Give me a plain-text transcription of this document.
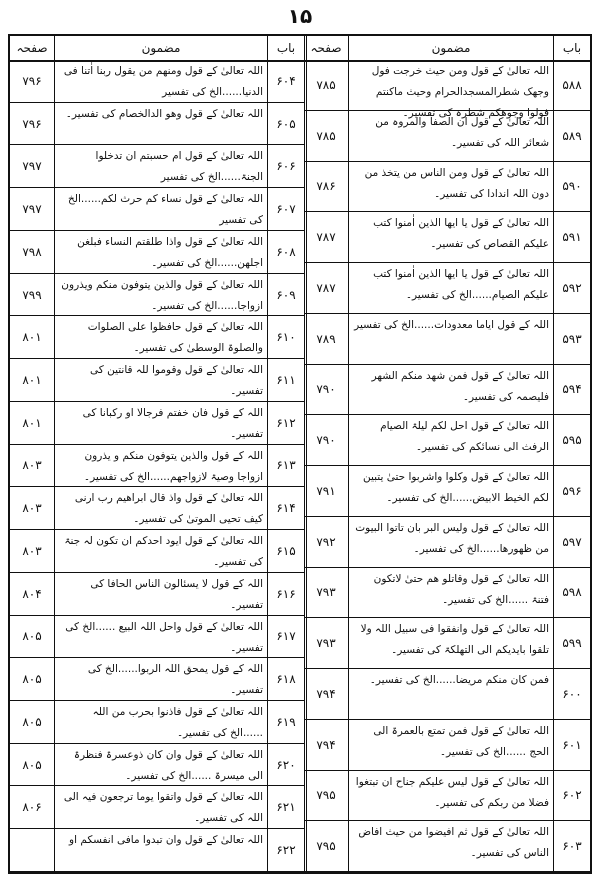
۱۵
باب
مضمون
صفحہ
۵۸۸
اللہ تعالیٰ کے قول ومن حیث خرجت فول وجھک شطرالمسجدالحرام وحیث ماکنتم فولوا وجوھکم شطرہ کی تفسیر۔
۷۸۵
۵۸۹
اللہ تعالیٰ کے قول ان الصفا والمروہ من شعائر اللہ کی تفسیر۔
۷۸۵
۵۹۰
اللہ تعالیٰ کے قول ومن الناس من یتخذ من دون اللہ اندادا کی تفسیر۔
۷۸۶
۵۹۱
اللہ تعالیٰ کے قول یا ایھا الذین اٰمنوا کتب علیکم القصاص کی تفسیر۔
۷۸۷
۵۹۲
اللہ تعالیٰ کے قول یا ایھا الذین اٰمنوا کتب علیکم الصیام......الخ کی تفسیر۔
۷۸۷
۵۹۳
اللہ کے قول ایاما معدودات......الخ کی تفسیر
۷۸۹
۵۹۴
اللہ تعالیٰ کے قول فمن شھد منکم الشھر فلیصمہ کی تفسیر۔
۷۹۰
۵۹۵
اللہ تعالیٰ کے قول احل لکم لیلۃ الصیام الرفث الی نسائکم کی تفسیر۔
۷۹۰
۵۹۶
اللہ تعالیٰ کے قول وکلوا واشربوا حتیٰ یتبین لکم الخیط الابیض......الخ کی تفسیر۔
۷۹۱
۵۹۷
اللہ تعالیٰ کے قول ولیس البر بان تاتوا البیوت من ظھورھا......الخ کی تفسیر۔
۷۹۲
۵۹۸
اللہ تعالیٰ کے قول وقاتلو ھم حتیٰ لاتکون فتنۃ ......الخ کی تفسیر۔
۷۹۳
۵۹۹
اللہ تعالیٰ کے قول وانفقوا فی سبیل اللہ ولا تلقوا بایدیکم الی التھلکۃ کی تفسیر۔
۷۹۳
۶۰۰
فمن کان منکم مریضا......الخ کی تفسیر۔
۷۹۴
۶۰۱
اللہ تعالیٰ کے قول فمن تمتع بالعمرۃ الی الحج ......الخ کی تفسیر۔
۷۹۴
۶۰۲
اللہ تعالیٰ کے قول لیس علیکم جناح ان تبتغوا فضلا من ربکم کی تفسیر۔
۷۹۵
۶۰۳
اللہ تعالیٰ کے قول ثم افیضوا من حیث افاض الناس کی تفسیر۔
۷۹۵
باب
مضمون
صفحہ
۶۰۴
اللہ تعالیٰ کے قول ومنھم من یقول ربنا اٰتنا فی الدنیا......الخ کی تفسیر
۷۹۶
۶۰۵
اللہ تعالیٰ کے قول وھو الدالخصام کی تفسیر۔
۷۹۶
۶۰۶
اللہ تعالیٰ کے قول ام حسبتم ان تدخلوا الجنۃ......الخ کی تفسیر
۷۹۷
۶۰۷
اللہ تعالیٰ کے قول نساء کم حرث لکم......الخ کی تفسیر
۷۹۷
۶۰۸
اللہ تعالیٰ کے قول واذا طلقتم النساء فبلغن اجلھن......الخ کی تفسیر۔
۷۹۸
۶۰۹
اللہ تعالیٰ کے قول والذین یتوفون منکم ویذرون ازواجا......الخ کی تفسیر۔
۷۹۹
۶۱۰
اللہ تعالیٰ کے قول حافظوا علی الصلوات والصلوۃ الوسطیٰ کی تفسیر۔
۸۰۱
۶۱۱
اللہ تعالیٰ کے قول وقوموا للہ قانتین کی تفسیر۔
۸۰۱
۶۱۲
اللہ کے قول فان خفتم فرجالا او رکبانا کی تفسیر۔
۸۰۱
۶۱۳
اللہ کے قول والذین یتوفون منکم و یذرون ازواجا وصیۃ لازواجھم......الخ کی تفسیر۔
۸۰۳
۶۱۴
اللہ تعالیٰ کے قول واذ قال ابراھیم رب ارنی کیف تحیی الموتیٰ کی تفسیر۔
۸۰۳
۶۱۵
اللہ تعالیٰ کے قول ایود احدکم ان تکون لہ جنۃ کی تفسیر۔
۸۰۳
۶۱۶
اللہ کے قول لا یسئالون الناس الحافا کی تفسیر۔
۸۰۴
۶۱۷
اللہ تعالیٰ کے قول واحل اللہ البیع ......الخ کی تفسیر۔
۸۰۵
۶۱۸
اللہ کے قول یمحق اللہ الربوا......الخ کی تفسیر۔
۸۰۵
۶۱۹
اللہ تعالیٰ کے قول فاذنوا بحرب من اللہ ......الخ کی تفسیر۔
۸۰۵
۶۲۰
اللہ تعالیٰ کے قول وان کان ذوعسرۃ فنظرۃ الی میسرۃ ......الخ کی تفسیر۔
۸۰۵
۶۲۱
اللہ تعالیٰ کے قول واتقوا یوما ترجعون فیہ الی اللہ کی تفسیر۔
۸۰۶
۶۲۲
اللہ تعالیٰ کے قول وان تبدوا مافی انفسکم او
